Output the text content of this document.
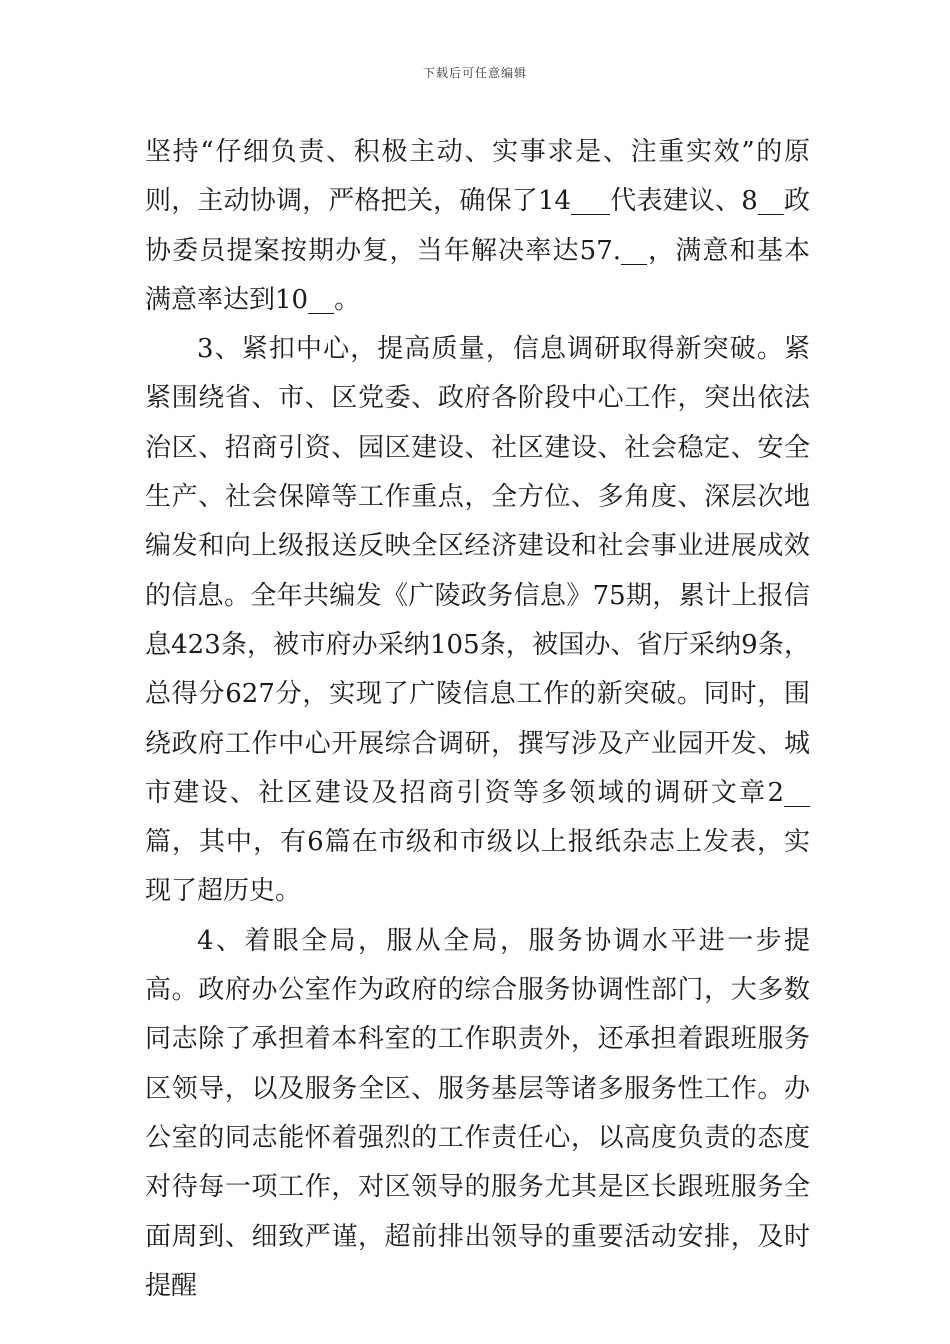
下载后可任意编辑

坚持“仔细负责、积极主动、实事求是、注重实效”的原则，主动协调，严格把关，确保了14___代表建议、8__政协委员提案按期办复，当年解决率达57.__，满意和基本满意率达到10__。

3、紧扣中心，提高质量，信息调研取得新突破。紧紧围绕省、市、区党委、政府各阶段中心工作，突出依法治区、招商引资、园区建设、社区建设、社会稳定、安全生产、社会保障等工作重点，全方位、多角度、深层次地编发和向上级报送反映全区经济建设和社会事业进展成效的信息。全年共编发《广陵政务信息》75期，累计上报信息423条，被市府办采纳105条，被国办、省厅采纳9条，总得分627分，实现了广陵信息工作的新突破。同时，围绕政府工作中心开展综合调研，撰写涉及产业园开发、城市建设、社区建设及招商引资等多领域的调研文章2__篇，其中，有6篇在市级和市级以上报纸杂志上发表，实现了超历史。

4、着眼全局，服从全局，服务协调水平进一步提高。政府办公室作为政府的综合服务协调性部门，大多数同志除了承担着本科室的工作职责外，还承担着跟班服务区领导，以及服务全区、服务基层等诸多服务性工作。办公室的同志能怀着强烈的工作责任心，以高度负责的态度对待每一项工作，对区领导的服务尤其是区长跟班服务全面周到、细致严谨，超前排出领导的重要活动安排，及时提醒
